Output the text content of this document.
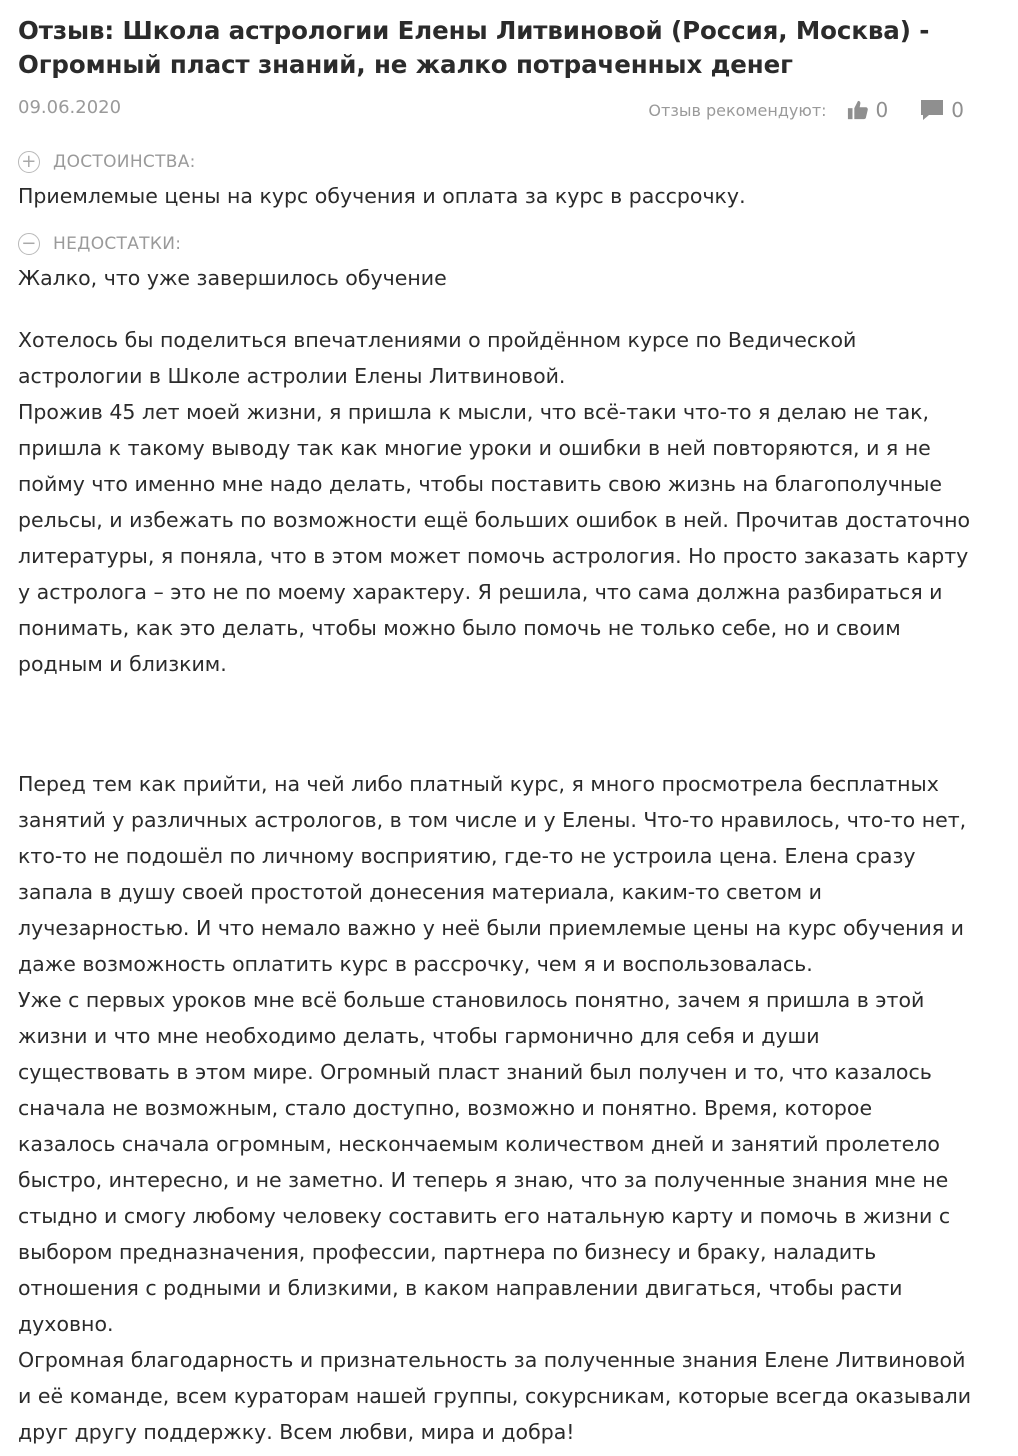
Отзыв: Школа астрологии Елены Литвиновой (Россия, Москва) - Огромный пласт знаний, не жалко потраченных денег
09.06.2020	Отзыв рекомендуют: 0	0
+ ДОСТОИНСТВА:
Приемлемые цены на курс обучения и оплата за курс в рассрочку.
− НЕДОСТАТКИ:
Жалко, что уже завершилось обучение
Хотелось бы поделиться впечатлениями о пройдённом курсе по Ведической
астрологии в Школе астролии Елены Литвиновой.
Прожив 45 лет моей жизни, я пришла к мысли, что всё-таки что-то я делаю не так,
пришла к такому выводу так как многие уроки и ошибки в ней повторяются, и я не
пойму что именно мне надо делать, чтобы поставить свою жизнь на благополучные
рельсы, и избежать по возможности ещё больших ошибок в ней. Прочитав достаточно
литературы, я поняла, что в этом может помочь астрология. Но просто заказать карту
у астролога – это не по моему характеру. Я решила, что сама должна разбираться и
понимать, как это делать, чтобы можно было помочь не только себе, но и своим
родным и близким.
Перед тем как прийти, на чей либо платный курс, я много просмотрела бесплатных
занятий у различных астрологов, в том числе и у Елены. Что-то нравилось, что-то нет,
кто-то не подошёл по личному восприятию, где-то не устроила цена. Елена сразу
запала в душу своей простотой донесения материала, каким-то светом и
лучезарностью. И что немало важно у неё были приемлемые цены на курс обучения и
даже возможность оплатить курс в рассрочку, чем я и воспользовалась.
Уже с первых уроков мне всё больше становилось понятно, зачем я пришла в этой
жизни и что мне необходимо делать, чтобы гармонично для себя и души
существовать в этом мире. Огромный пласт знаний был получен и то, что казалось
сначала не возможным, стало доступно, возможно и понятно. Время, которое
казалось сначала огромным, нескончаемым количеством дней и занятий пролетело
быстро, интересно, и не заметно. И теперь я знаю, что за полученные знания мне не
стыдно и смогу любому человеку составить его натальную карту и помочь в жизни с
выбором предназначения, профессии, партнера по бизнесу и браку, наладить
отношения с родными и близкими, в каком направлении двигаться, чтобы расти
духовно.
Огромная благодарность и признательность за полученные знания Елене Литвиновой
и её команде, всем кураторам нашей группы, сокурсникам, которые всегда оказывали
друг другу поддержку. Всем любви, мира и добра!
